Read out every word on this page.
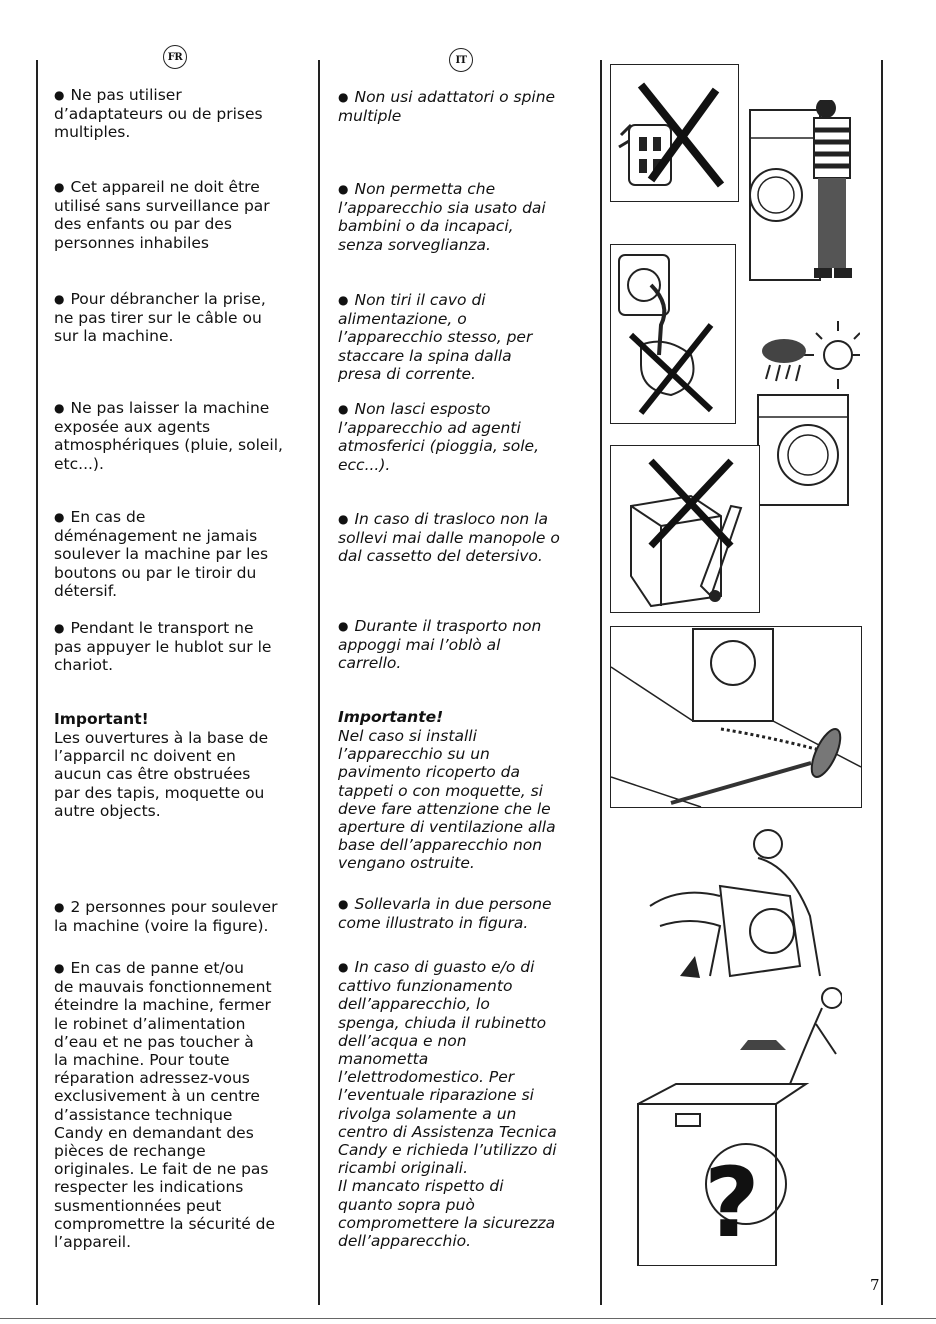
FR	IT
● Ne pas utiliser
d’adaptateurs ou de prises
multiples.
● Cet appareil ne doit être
utilisé sans surveillance par
des enfants ou par des
personnes inhabiles
● Pour débrancher la prise,
ne pas tirer sur le câble ou
sur la machine.
● Ne pas laisser la machine
exposée aux agents
atmosphériques (pluie, soleil,
etc...).
● En cas de
déménagement ne jamais
soulever la machine par les
boutons ou par le tiroir du
détersif.
● Pendant le transport ne
pas appuyer le hublot sur le
chariot.
Important!
Les ouvertures à la base de
l’apparcil nc doivent en
aucun cas être obstruées
par des tapis, moquette ou
autre objects.
● 2 personnes pour soulever
la machine (voire la figure).
● En cas de panne et/ou
de mauvais fonctionnement
éteindre la machine, fermer
le robinet d’alimentation
d’eau et ne pas toucher à
la machine. Pour toute
réparation adressez-vous
exclusivement à un centre
d’assistance technique
Candy en demandant des
pièces de rechange
originales. Le fait de ne pas
respecter les indications
susmentionnées peut
compromettre la sécurité de
l’appareil.
● Non usi adattatori o spine
multiple
● Non permetta che
l’apparecchio sia usato dai
bambini o da incapaci,
senza sorveglianza.
● Non tiri il cavo di
alimentazione, o
l’apparecchio stesso, per
staccare la spina dalla
presa di corrente.
● Non lasci esposto
l’apparecchio ad agenti
atmosferici (pioggia, sole,
ecc...).
● In caso di trasloco non la
sollevi mai dalle manopole o
dal cassetto del detersivo.
● Durante il trasporto non
appoggi mai l’oblò al
carrello.
Importante!
Nel caso si installi
l’apparecchio su un
pavimento ricoperto da
tappeti o con moquette, si
deve fare attenzione che le
aperture di ventilazione alla
base dell’apparecchio non
vengano ostruite.
● Sollevarla in due persone
come illustrato in figura.
● In caso di guasto e/o di
cattivo funzionamento
dell’apparecchio, lo
spenga, chiuda il rubinetto
dell’acqua e non
manometta
l’elettrodomestico. Per
l’eventuale riparazione si
rivolga solamente a un
centro di Assistenza Tecnica
Candy e richieda l’utilizzo di
ricambi originali.
Il mancato rispetto di
quanto sopra può
compromettere la sicurezza
dell’apparecchio.	?
7
